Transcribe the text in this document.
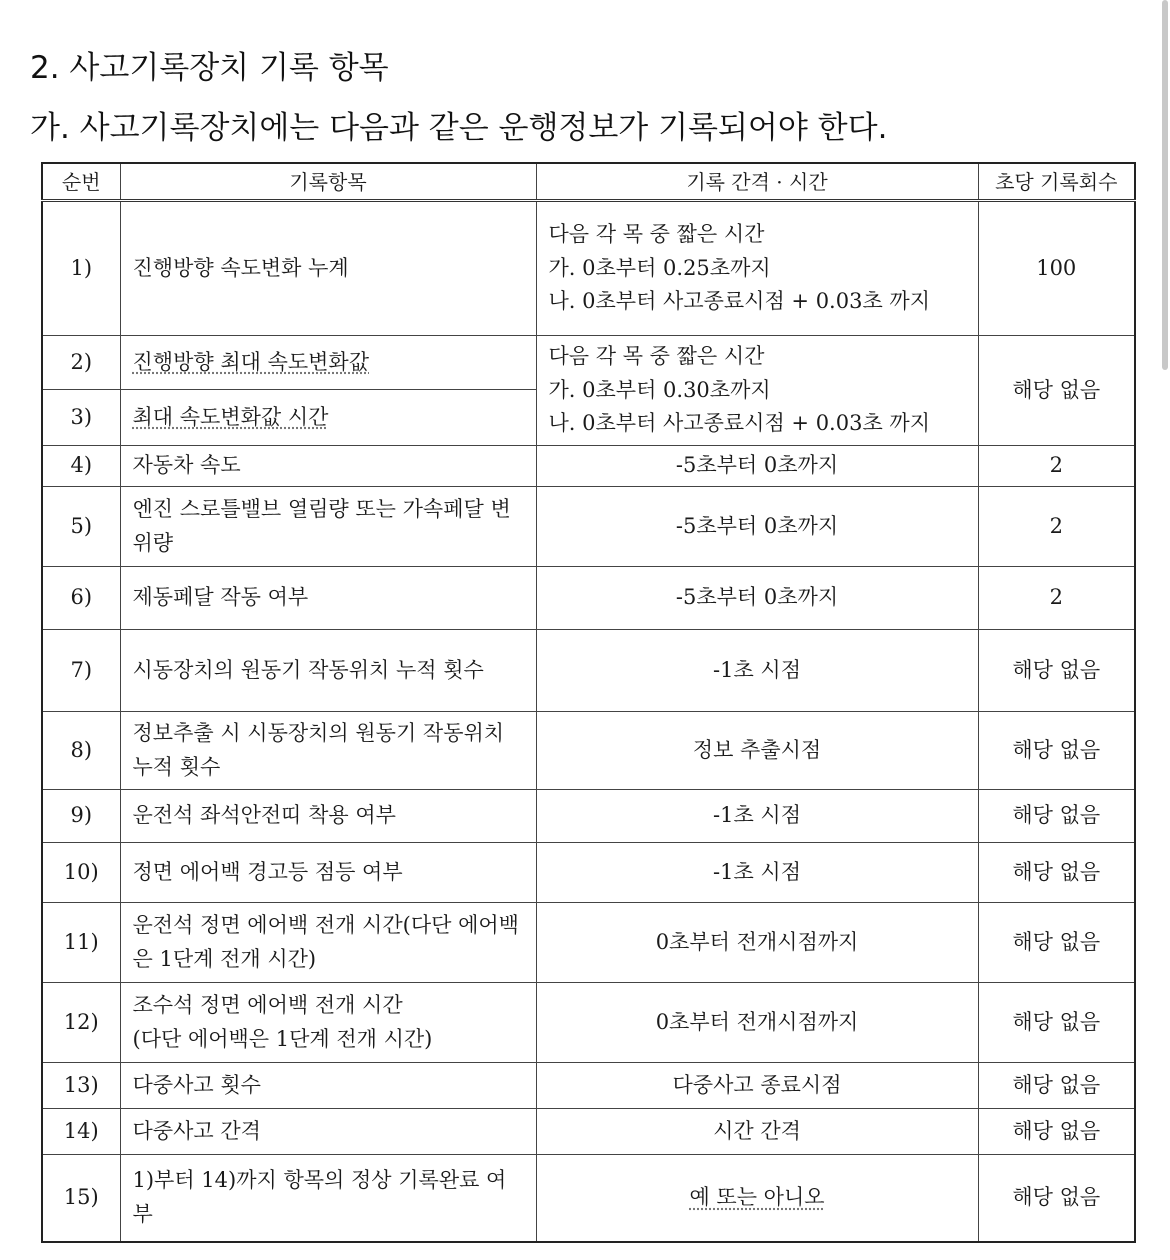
2. 사고기록장치 기록 항목
가. 사고기록장치에는 다음과 같은 운행정보가 기록되어야 한다.
순번	기록항목	기록 간격 · 시간	초당 기록회수
1)	진행방향 속도변화 누계	다음 각 목 중 짧은 시간
가. 0초부터 0.25초까지
나. 0초부터 사고종료시점 + 0.03초 까지	100
2)	진행방향 최대 속도변화값	다음 각 목 중 짧은 시간
가. 0초부터 0.30초까지
나. 0초부터 사고종료시점 + 0.03초 까지	해당 없음
3)	최대 속도변화값 시간		
4)	자동차 속도	-5초부터 0초까지	2
5)	엔진 스로틀밸브 열림량 또는 가속페달 변위량	-5초부터 0초까지	2
6)	제동페달 작동 여부	-5초부터 0초까지	2
7)	시동장치의 원동기 작동위치 누적 횟수	-1초 시점	해당 없음
8)	정보추출 시 시동장치의 원동기 작동위치 누적 횟수	정보 추출시점	해당 없음
9)	운전석 좌석안전띠 착용 여부	-1초 시점	해당 없음
10)	정면 에어백 경고등 점등 여부	-1초 시점	해당 없음
11)	운전석 정면 에어백 전개 시간(다단 에어백은 1단계 전개 시간)	0초부터 전개시점까지	해당 없음
12)	조수석 정면 에어백 전개 시간
(다단 에어백은 1단계 전개 시간)	0초부터 전개시점까지	해당 없음
13)	다중사고 횟수	다중사고 종료시점	해당 없음
14)	다중사고 간격	시간 간격	해당 없음
15)	1)부터 14)까지 항목의 정상 기록완료 여부	예 또는 아니오	해당 없음
